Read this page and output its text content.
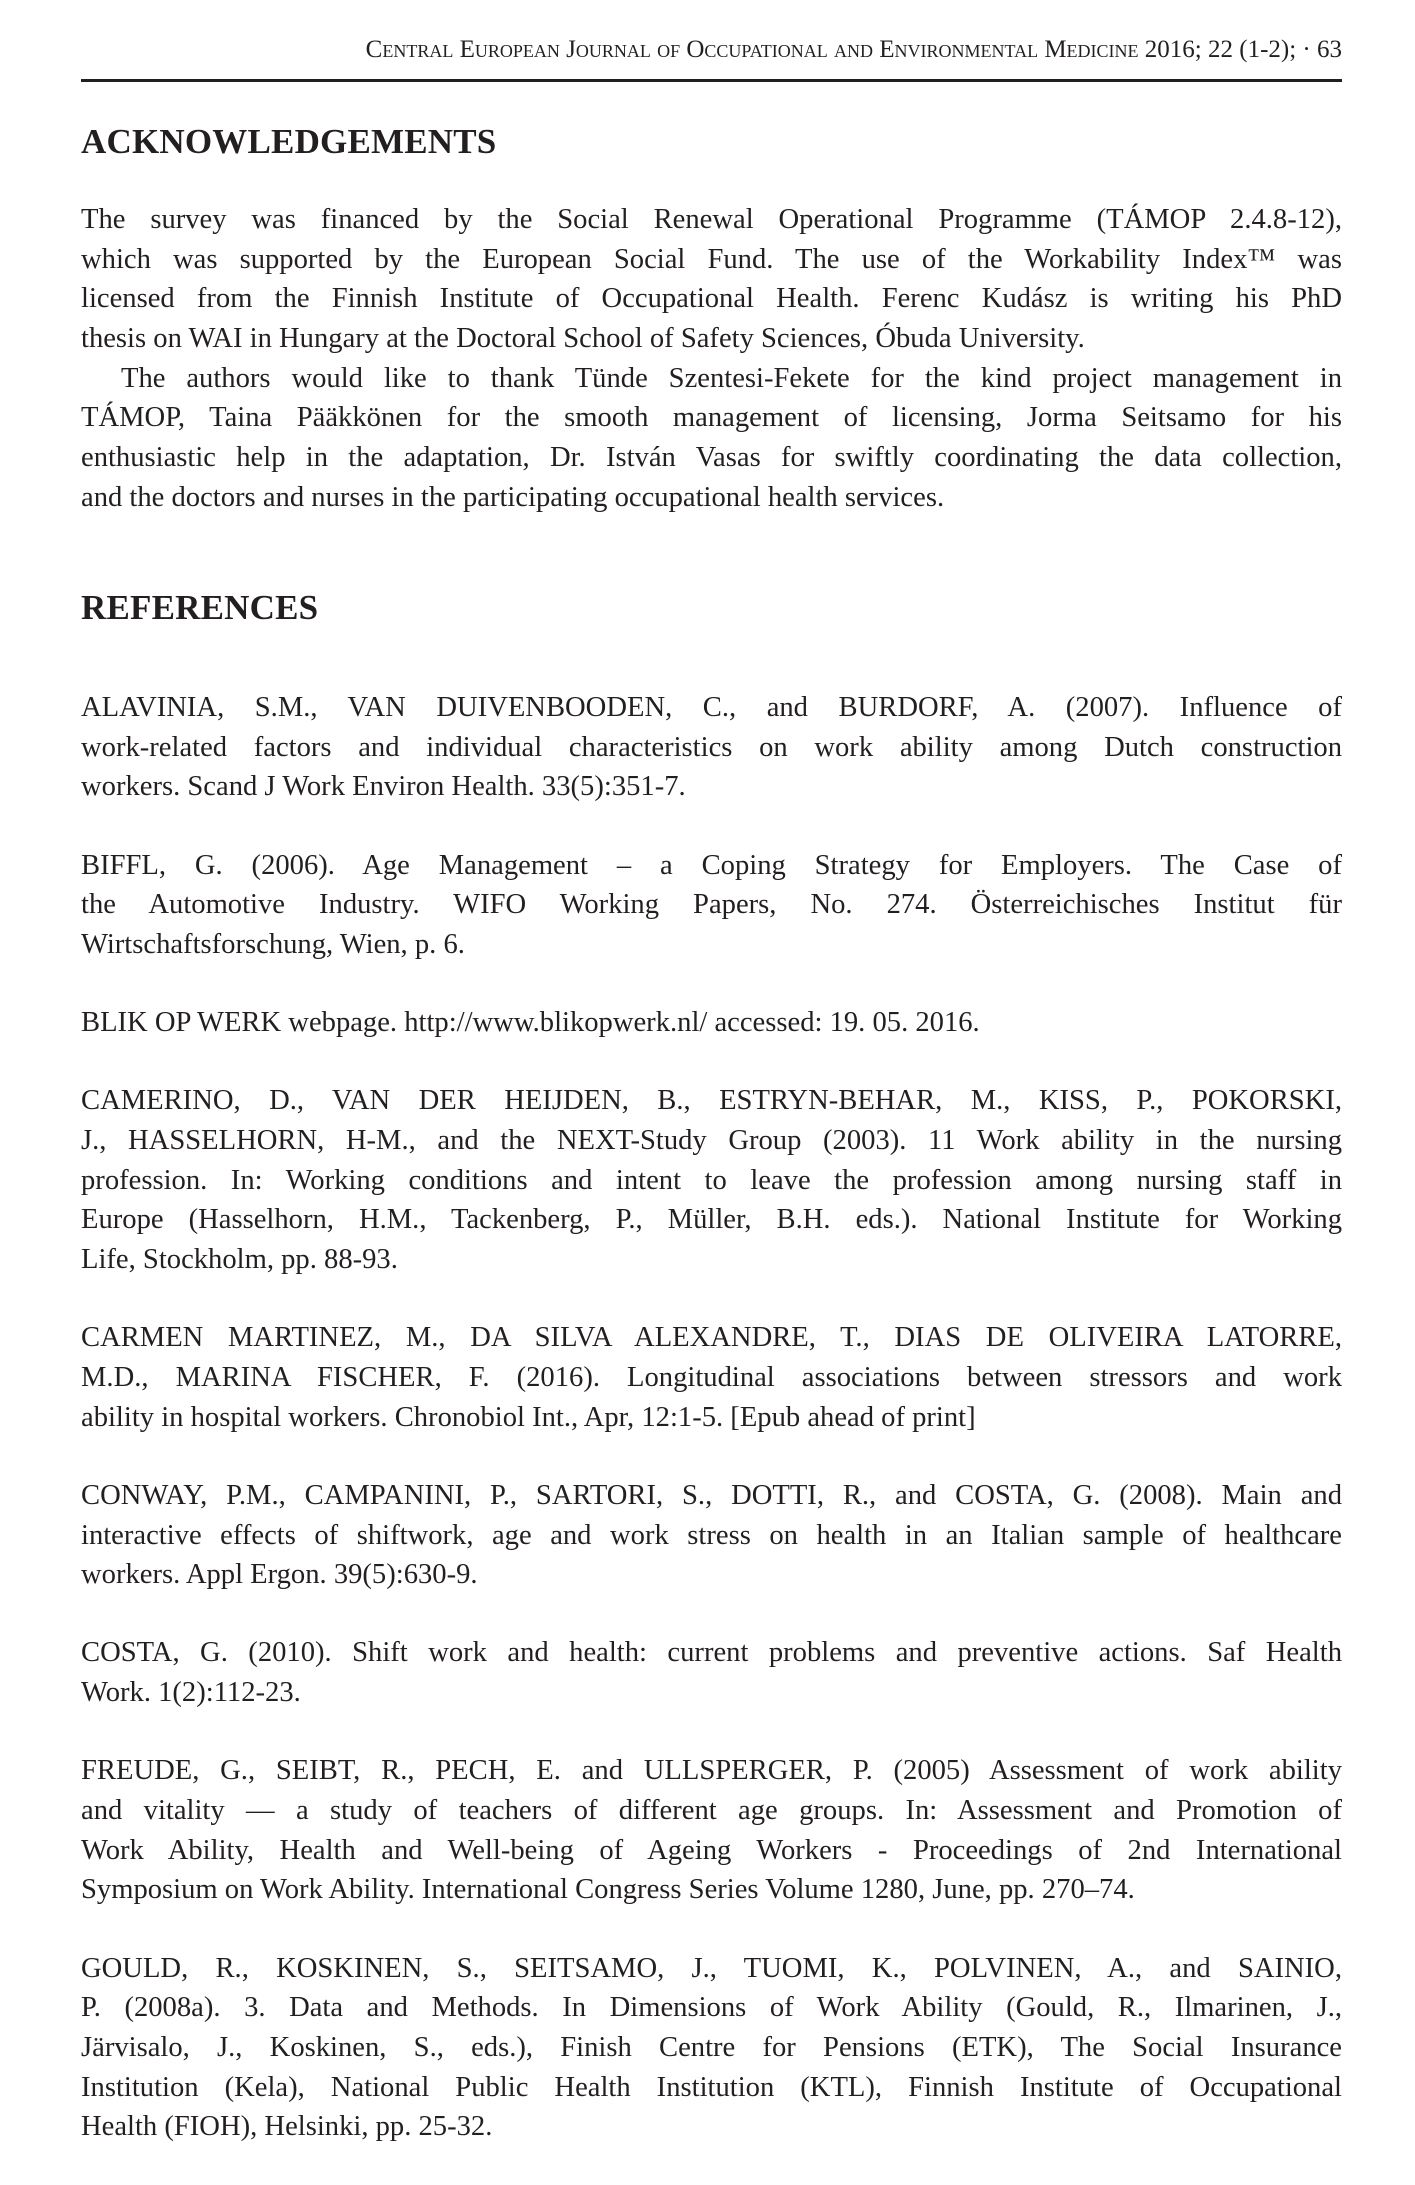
Central European Journal of Occupational and Environmental Medicine 2016; 22 (1-2); · 63
ACKNOWLEDGEMENTS
The survey was financed by the Social Renewal Operational Programme (TÁMOP 2.4.8-12),
which was supported by the European Social Fund. The use of the Workability Index™ was
licensed from the Finnish Institute of Occupational Health. Ferenc Kudász is writing his PhD
thesis on WAI in Hungary at the Doctoral School of Safety Sciences, Óbuda University.
The authors would like to thank Tünde Szentesi-Fekete for the kind project management in
TÁMOP, Taina Pääkkönen for the smooth management of licensing, Jorma Seitsamo for his
enthusiastic help in the adaptation, Dr. István Vasas for swiftly coordinating the data collection,
and the doctors and nurses in the participating occupational health services.
REFERENCES
ALAVINIA, S.M., VAN DUIVENBOODEN, C., and BURDORF, A. (2007). Influence of
work-related factors and individual characteristics on work ability among Dutch construction
workers. Scand J Work Environ Health. 33(5):351-7.
BIFFL, G. (2006). Age Management – a Coping Strategy for Employers. The Case of
the Automotive Industry. WIFO Working Papers, No. 274. Österreichisches Institut für
Wirtschaftsforschung, Wien, p. 6.
BLIK OP WERK webpage. http://www.blikopwerk.nl/ accessed: 19. 05. 2016.
CAMERINO, D., VAN DER HEIJDEN, B., ESTRYN-BEHAR, M., KISS, P., POKORSKI,
J., HASSELHORN, H-M., and the NEXT-Study Group (2003). 11 Work ability in the nursing
profession. In: Working conditions and intent to leave the profession among nursing staff in
Europe (Hasselhorn, H.M., Tackenberg, P., Müller, B.H. eds.). National Institute for Working
Life, Stockholm, pp. 88-93.
CARMEN MARTINEZ, M., DA SILVA ALEXANDRE, T., DIAS DE OLIVEIRA LATORRE,
M.D., MARINA FISCHER, F. (2016). Longitudinal associations between stressors and work
ability in hospital workers. Chronobiol Int., Apr, 12:1-5. [Epub ahead of print]
CONWAY, P.M., CAMPANINI, P., SARTORI, S., DOTTI, R., and COSTA, G. (2008). Main and
interactive effects of shiftwork, age and work stress on health in an Italian sample of healthcare
workers. Appl Ergon. 39(5):630-9.
COSTA, G. (2010). Shift work and health: current problems and preventive actions. Saf Health
Work. 1(2):112-23.
FREUDE, G., SEIBT, R., PECH, E. and ULLSPERGER, P. (2005) Assessment of work ability
and vitality — a study of teachers of different age groups. In: Assessment and Promotion of
Work Ability, Health and Well-being of Ageing Workers - Proceedings of 2nd International
Symposium on Work Ability. International Congress Series Volume 1280, June, pp. 270–74.
GOULD, R., KOSKINEN, S., SEITSAMO, J., TUOMI, K., POLVINEN, A., and SAINIO,
P. (2008a). 3. Data and Methods. In Dimensions of Work Ability (Gould, R., Ilmarinen, J.,
Järvisalo, J., Koskinen, S., eds.), Finish Centre for Pensions (ETK), The Social Insurance
Institution (Kela), National Public Health Institution (KTL), Finnish Institute of Occupational
Health (FIOH), Helsinki, pp. 25-32.
